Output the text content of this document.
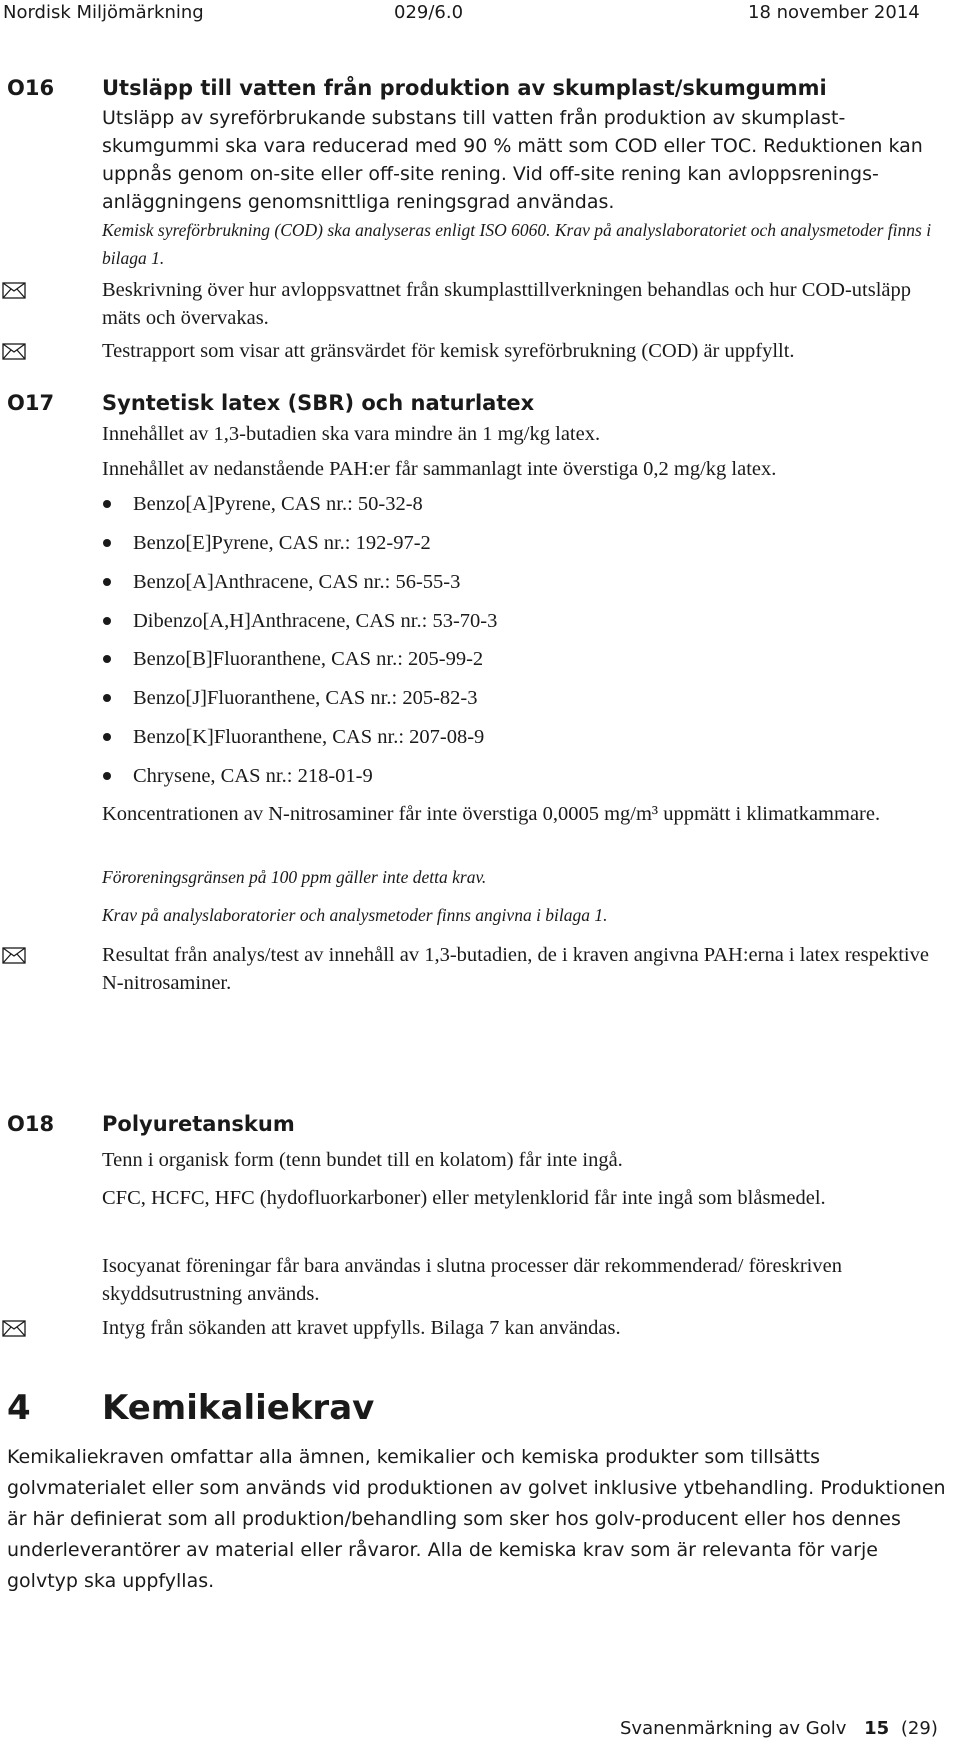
Nordisk Miljömärkning	029/6.0	18 november 2014
O16 Utsläpp till vatten från produktion av skumplast/skumgummi
Utsläpp av syreförbrukande substans till vatten från produktion av skumplast-skumgummi ska vara reducerad med 90 % mätt som COD eller TOC. Reduktionen kan uppnås genom on-site eller off-site rening. Vid off-site rening kan avloppsrenings-anläggningens genomsnittliga reningsgrad användas.
Kemisk syreförbrukning (COD) ska analyseras enligt ISO 6060. Krav på analyslaboratoriet och analysmetoder finns i bilaga 1.
Beskrivning över hur avloppsvattnet från skumplasttillverkningen behandlas och hur COD-utsläpp mäts och övervakas.
Testrapport som visar att gränsvärdet för kemisk syreförbrukning (COD) är uppfyllt.
O17 Syntetisk latex (SBR) och naturlatex
Innehållet av 1,3-butadien ska vara mindre än 1 mg/kg latex.
Innehållet av nedanstående PAH:er får sammanlagt inte överstiga 0,2 mg/kg latex.
Benzo[A]Pyrene, CAS nr.: 50-32-8
Benzo[E]Pyrene, CAS nr.: 192-97-2
Benzo[A]Anthracene, CAS nr.: 56-55-3
Dibenzo[A,H]Anthracene, CAS nr.: 53-70-3
Benzo[B]Fluoranthene, CAS nr.: 205-99-2
Benzo[J]Fluoranthene, CAS nr.: 205-82-3
Benzo[K]Fluoranthene, CAS nr.: 207-08-9
Chrysene, CAS nr.: 218-01-9
Koncentrationen av N-nitrosaminer får inte överstiga 0,0005 mg/m³ uppmätt i klimatkammare.
Föroreningsgränsen på 100 ppm gäller inte detta krav.
Krav på analyslaboratorier och analysmetoder finns angivna i bilaga 1.
Resultat från analys/test av innehåll av 1,3-butadien, de i kraven angivna PAH:erna i latex respektive N-nitrosaminer.
O18 Polyuretanskum
Tenn i organisk form (tenn bundet till en kolatom) får inte ingå.
CFC, HCFC, HFC (hydofluorkarboner) eller metylenklorid får inte ingå som blåsmedel.
Isocyanat föreningar får bara användas i slutna processer där rekommenderad/ föreskriven skyddsutrustning används.
Intyg från sökanden att kravet uppfylls. Bilaga 7 kan användas.
4 Kemikaliekrav
Kemikaliekraven omfattar alla ämnen, kemikalier och kemiska produkter som tillsätts golvmaterialet eller som används vid produktionen av golvet inklusive ytbehandling. Produktionen är här definierat som all produktion/behandling som sker hos golv-producent eller hos dennes underleverantörer av material eller råvaror. Alla de kemiska krav som är relevanta för varje golvtyp ska uppfyllas.
Svanenmärkning av Golv 15 (29)
